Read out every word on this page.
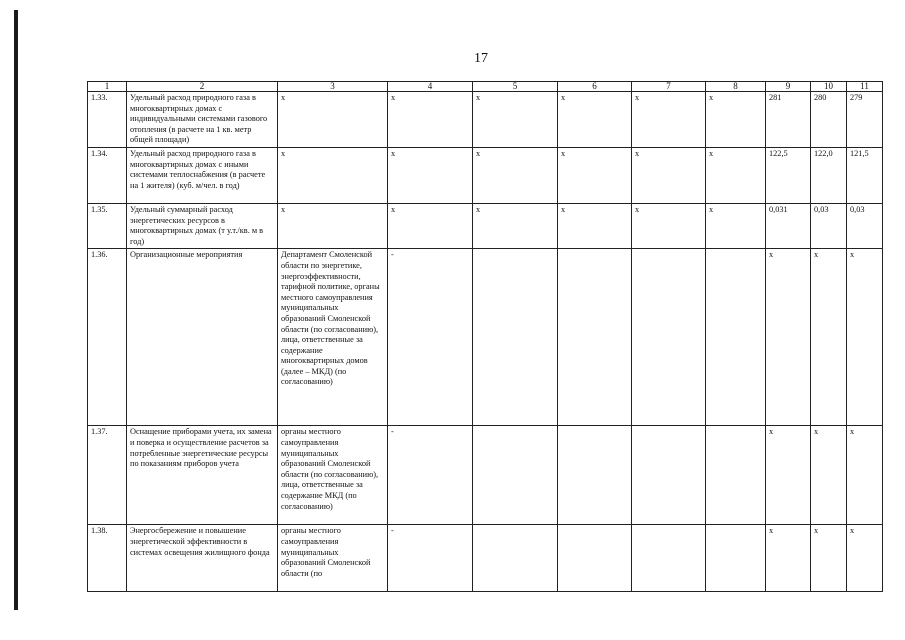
17
1	2	3	4	5	6	7	8	9	10	11
1.33.	Удельный расход природного газа в многоквартирных домах с индивидуальными системами газового отопления (в расчете на 1 кв. метр общей площади)	х	х	х	х	х	х	281	280	279
1.34.	Удельный расход природного газа в многоквартирных домах с иными системами теплоснабжения (в расчете на 1 жителя) (куб. м/чел. в год)	х	х	х	х	х	х	122,5	122,0	121,5
1.35.	Удельный суммарный расход энергетических ресурсов в многоквартирных домах (т у.т./кв. м в год)	х	х	х	х	х	х	0,031	0,03	0,03
1.36.	Организационные мероприятия	Департамент Смоленской области по энергетике, энергоэффективности, тарифной политике, органы местного самоуправления муниципальных образований Смоленской области (по согласованию), лица, ответственные за содержание многоквартирных домов (далее – МКД) (по согласованию)	-					х	х	х
1.37.	Оснащение приборами учета, их замена и поверка и осуществление расчетов за потребленные энергетические ресурсы по показаниям приборов учета	органы местного самоуправления муниципальных образований Смоленской области (по согласованию), лица, ответственные за содержание МКД (по согласованию)	-					х	х	х
1.38.	Энергосбережение и повышение энергетической эффективности в системах освещения жилищного фонда	органы местного самоуправления муниципальных образований Смоленской области (по	-					х	х	х
